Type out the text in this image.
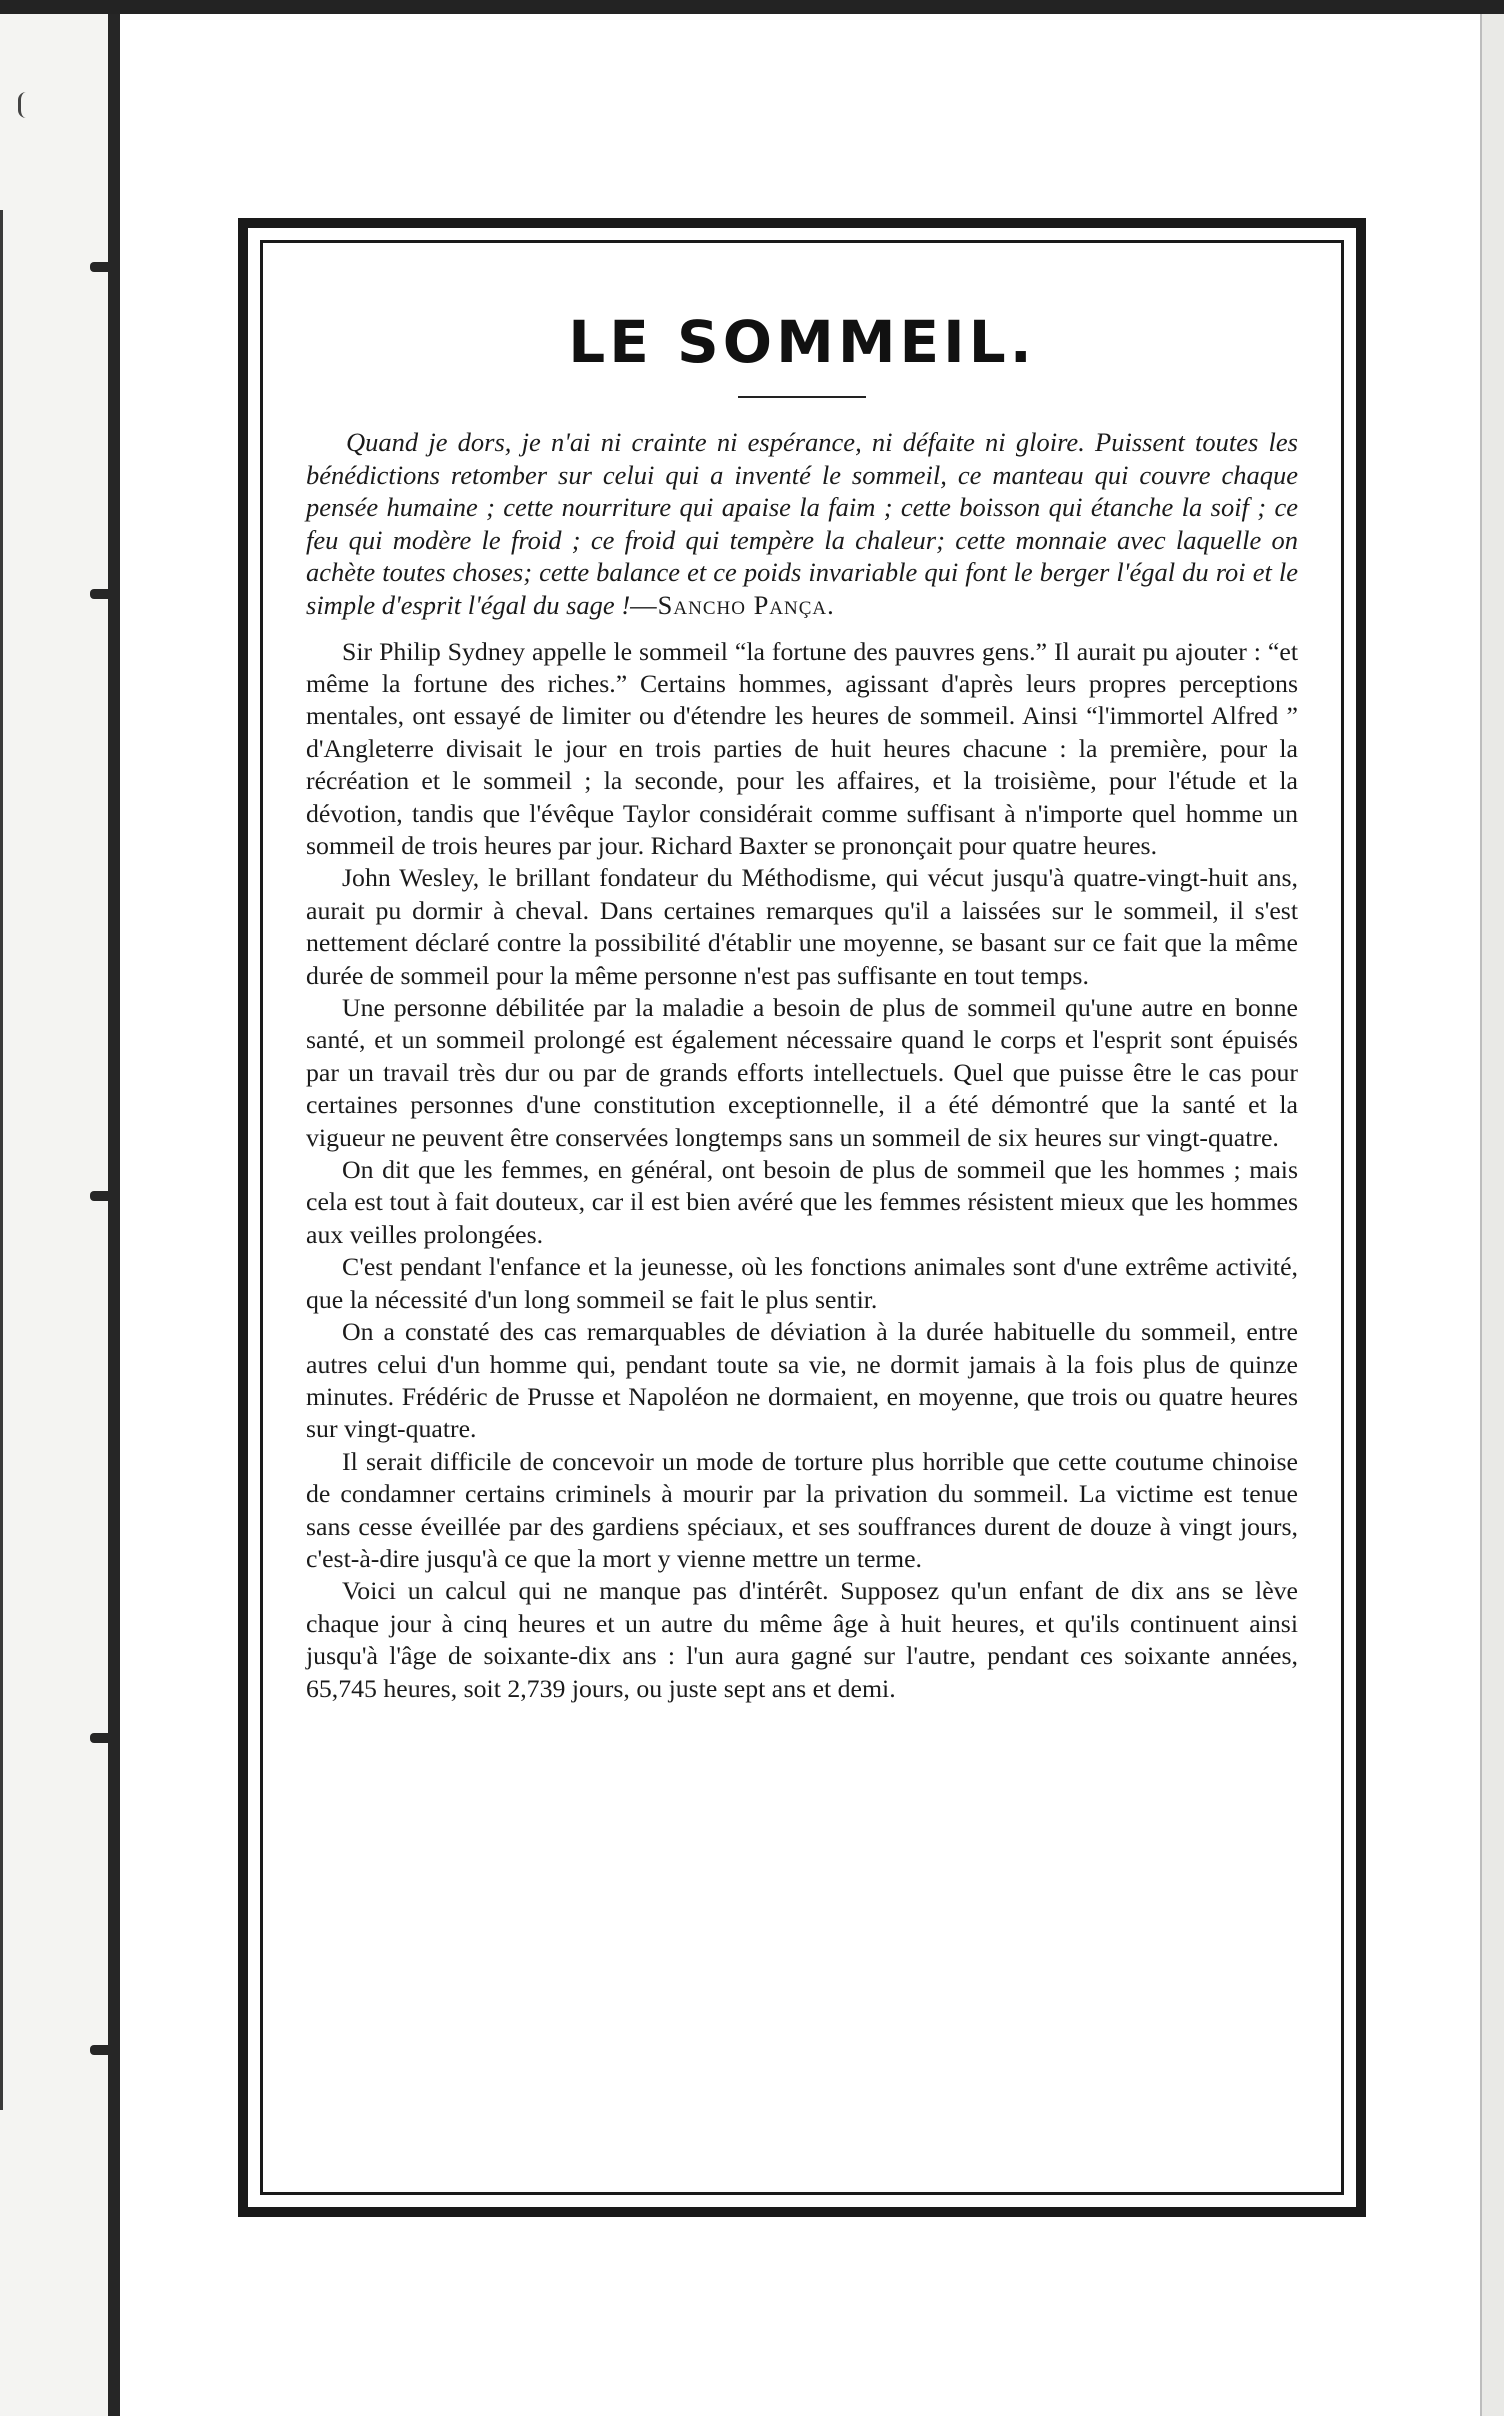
LE SOMMEIL.

Quand je dors, je n'ai ni crainte ni espérance, ni défaite ni gloire. Puissent toutes les bénédictions retomber sur celui qui a inventé le sommeil, ce manteau qui couvre chaque pensée humaine ; cette nourriture qui apaise la faim ; cette boisson qui étanche la soif ; ce feu qui modère le froid ; ce froid qui tempère la chaleur; cette monnaie avec laquelle on achète toutes choses; cette balance et ce poids invariable qui font le berger l'égal du roi et le simple d'esprit l'égal du sage !—Sancho Pança.

Sir Philip Sydney appelle le sommeil “la fortune des pauvres gens.” Il aurait pu ajouter : “et même la fortune des riches.” Certains hommes, agissant d'après leurs propres perceptions mentales, ont essayé de limiter ou d'étendre les heures de sommeil. Ainsi “l'immortel Alfred ” d'Angleterre divisait le jour en trois parties de huit heures chacune : la première, pour la récréation et le sommeil ; la seconde, pour les affaires, et la troisième, pour l'étude et la dévotion, tandis que l'évêque Taylor considérait comme suffisant à n'importe quel homme un sommeil de trois heures par jour. Richard Baxter se prononçait pour quatre heures.

John Wesley, le brillant fondateur du Méthodisme, qui vécut jusqu'à quatre-vingt-huit ans, aurait pu dormir à cheval. Dans certaines remarques qu'il a laissées sur le sommeil, il s'est nettement déclaré contre la possibilité d'établir une moyenne, se basant sur ce fait que la même durée de sommeil pour la même personne n'est pas suffisante en tout temps.

Une personne débilitée par la maladie a besoin de plus de sommeil qu'une autre en bonne santé, et un sommeil prolongé est également nécessaire quand le corps et l'esprit sont épuisés par un travail très dur ou par de grands efforts intellectuels. Quel que puisse être le cas pour certaines personnes d'une constitution exceptionnelle, il a été démontré que la santé et la vigueur ne peuvent être conservées longtemps sans un sommeil de six heures sur vingt-quatre.

On dit que les femmes, en général, ont besoin de plus de sommeil que les hommes ; mais cela est tout à fait douteux, car il est bien avéré que les femmes résistent mieux que les hommes aux veilles prolongées.

C'est pendant l'enfance et la jeunesse, où les fonctions animales sont d'une extrême activité, que la nécessité d'un long sommeil se fait le plus sentir.

On a constaté des cas remarquables de déviation à la durée habituelle du sommeil, entre autres celui d'un homme qui, pendant toute sa vie, ne dormit jamais à la fois plus de quinze minutes. Frédéric de Prusse et Napoléon ne dormaient, en moyenne, que trois ou quatre heures sur vingt-quatre.

Il serait difficile de concevoir un mode de torture plus horrible que cette coutume chinoise de condamner certains criminels à mourir par la privation du sommeil. La victime est tenue sans cesse éveillée par des gardiens spéciaux, et ses souffrances durent de douze à vingt jours, c'est-à-dire jusqu'à ce que la mort y vienne mettre un terme.

Voici un calcul qui ne manque pas d'intérêt. Supposez qu'un enfant de dix ans se lève chaque jour à cinq heures et un autre du même âge à huit heures, et qu'ils continuent ainsi jusqu'à l'âge de soixante-dix ans : l'un aura gagné sur l'autre, pendant ces soixante années, 65,745 heures, soit 2,739 jours, ou juste sept ans et demi.
